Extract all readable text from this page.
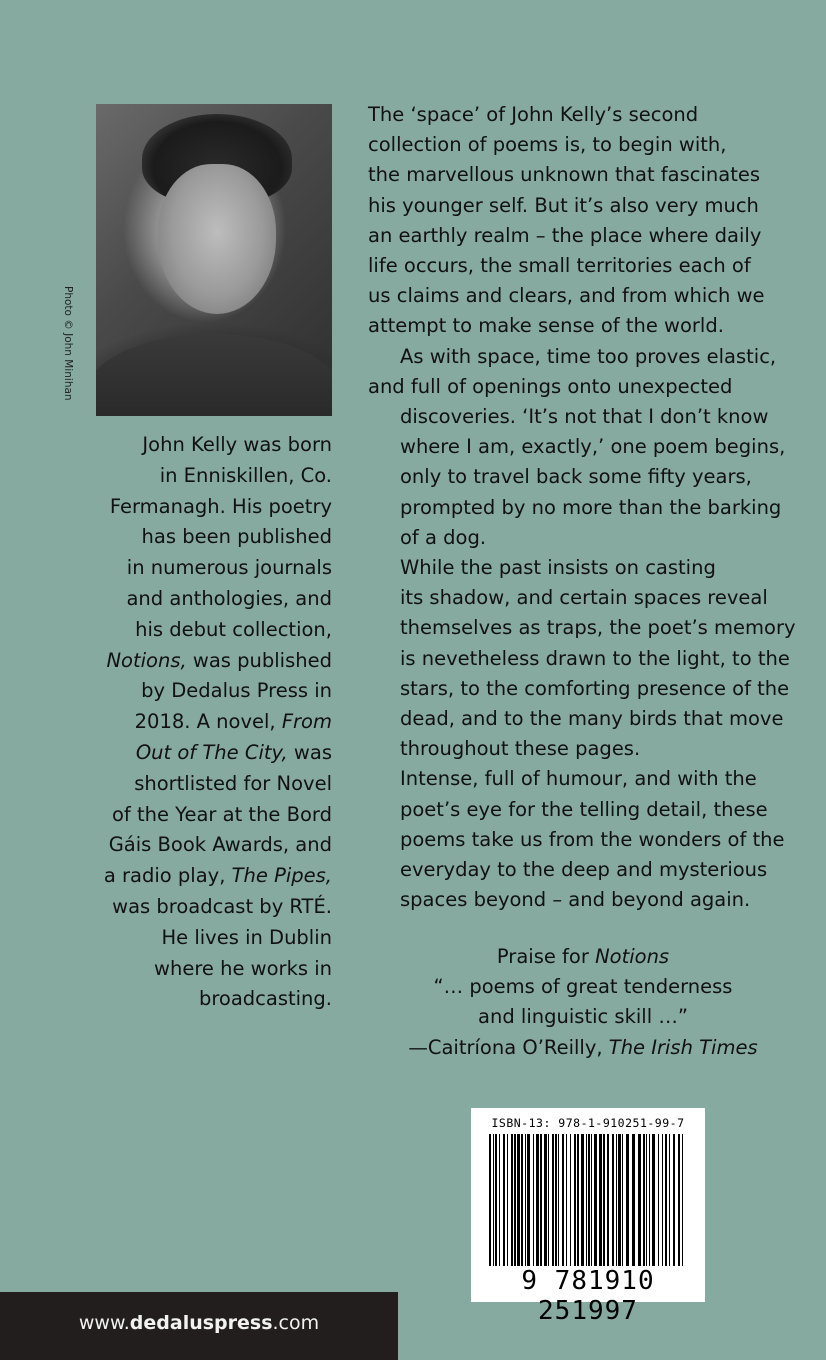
Photo © John Minihan
John Kelly was born
in Enniskillen, Co.
Fermanagh. His poetry
has been published
in numerous journals
and anthologies, and
his debut collection,
Notions, was published
by Dedalus Press in
2018. A novel, From
Out of The City, was
shortlisted for Novel
of the Year at the Bord
Gáis Book Awards, and
a radio play, The Pipes,
was broadcast by RTÉ.
He lives in Dublin
where he works in
broadcasting.

The ‘space’ of John Kelly’s second
collection of poems is, to begin with,
the marvellous unknown that fascinates
his younger self. But it’s also very much
an earthly realm – the place where daily
life occurs, the small territories each of
us claims and clears, and from which we
attempt to make sense of the world.

As with space, time too proves elastic,
and full of openings onto unexpected
discoveries. ‘It’s not that I don’t know
where I am, exactly,’ one poem begins,
only to travel back some fifty years,
prompted by no more than the barking
of a dog.

While the past insists on casting
its shadow, and certain spaces reveal
themselves as traps, the poet’s memory
is nevetheless drawn to the light, to the
stars, to the comforting presence of the
dead, and to the many birds that move
throughout these pages.

Intense, full of humour, and with the
poet’s eye for the telling detail, these
poems take us from the wonders of the
everyday to the deep and mysterious
spaces beyond – and beyond again.

Praise for Notions
“… poems of great tenderness
and linguistic skill …”
—Caitríona O’Reilly, The Irish Times
ISBN-13: 978-1-910251-99-7
9 781910 251997
www.dedaluspress.com
